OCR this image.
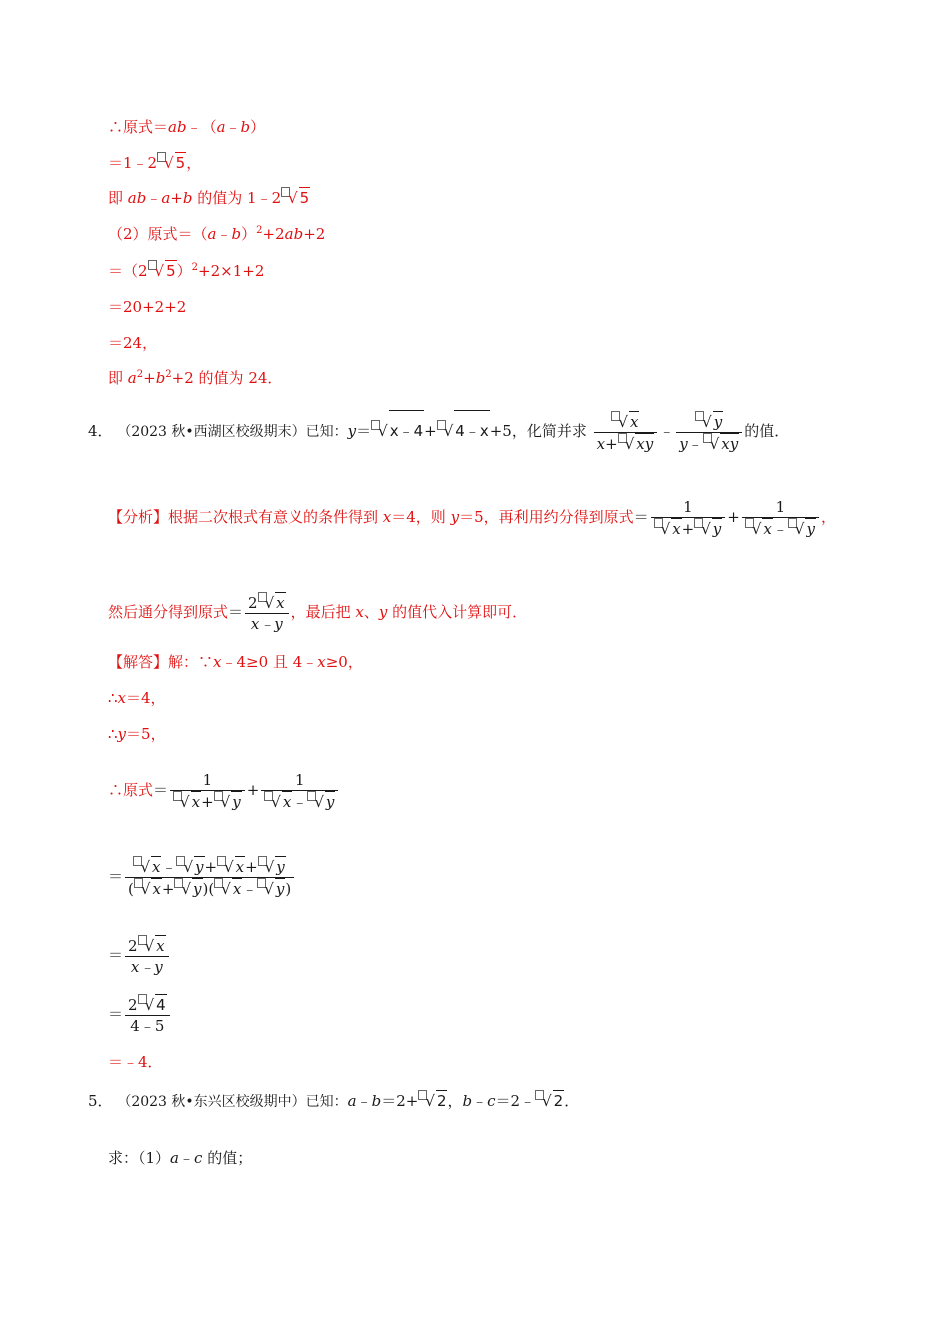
∴原式＝ab﹣（a﹣b）
＝1﹣2 √ 5，
即 ab﹣a+b 的值为 1﹣2 √ 5
（2）原式＝（a﹣b）$^2$+2ab+2
＝（2 √ 5）$^2$+2×1+2
＝20+2+2
＝24，
即 $a^2+b^2+2$ 的值为 24．
4． （2023 秋•西湖区校级期末）已知：y＝ √ x﹣4+ √ 4﹣x+5，化简并求 $\frac{√ x}{x+ √ xy}$ ﹣ $\frac{√ y}{y﹣ √ xy}$ 的值．
【分析】根据二次根式有意义的条件得到 x＝4，则 y＝5，再利用约分得到原式＝ $\frac{1}{√ x+ √ y} + \frac{1}{√ x﹣ √ y}$ ，
然后通分得到原式＝ $\frac{2 √ x}{x﹣y}$ ，最后把 x、y 的值代入计算即可．
【解答】解：∵x﹣4≥0 且 4﹣x≥0，
∴x＝4，
∴y＝5，
∴原式＝ $\frac{1}{√ x+ √ y} + \frac{1}{√ x﹣ √ y}$
＝ $\frac{√ x﹣ √ y+ √ x+ √ y}{( √ x+ √ y)( √ x﹣ √ y)}$
＝ $\frac{2 √ x}{x﹣y}$
＝ $\frac{2 √ 4}{4﹣5}$
＝﹣4．
5． （2023 秋•东兴区校级期中）已知：a﹣b＝2+ √ 2，b﹣c＝2﹣ √ 2．
求：（1）a﹣c 的值；
